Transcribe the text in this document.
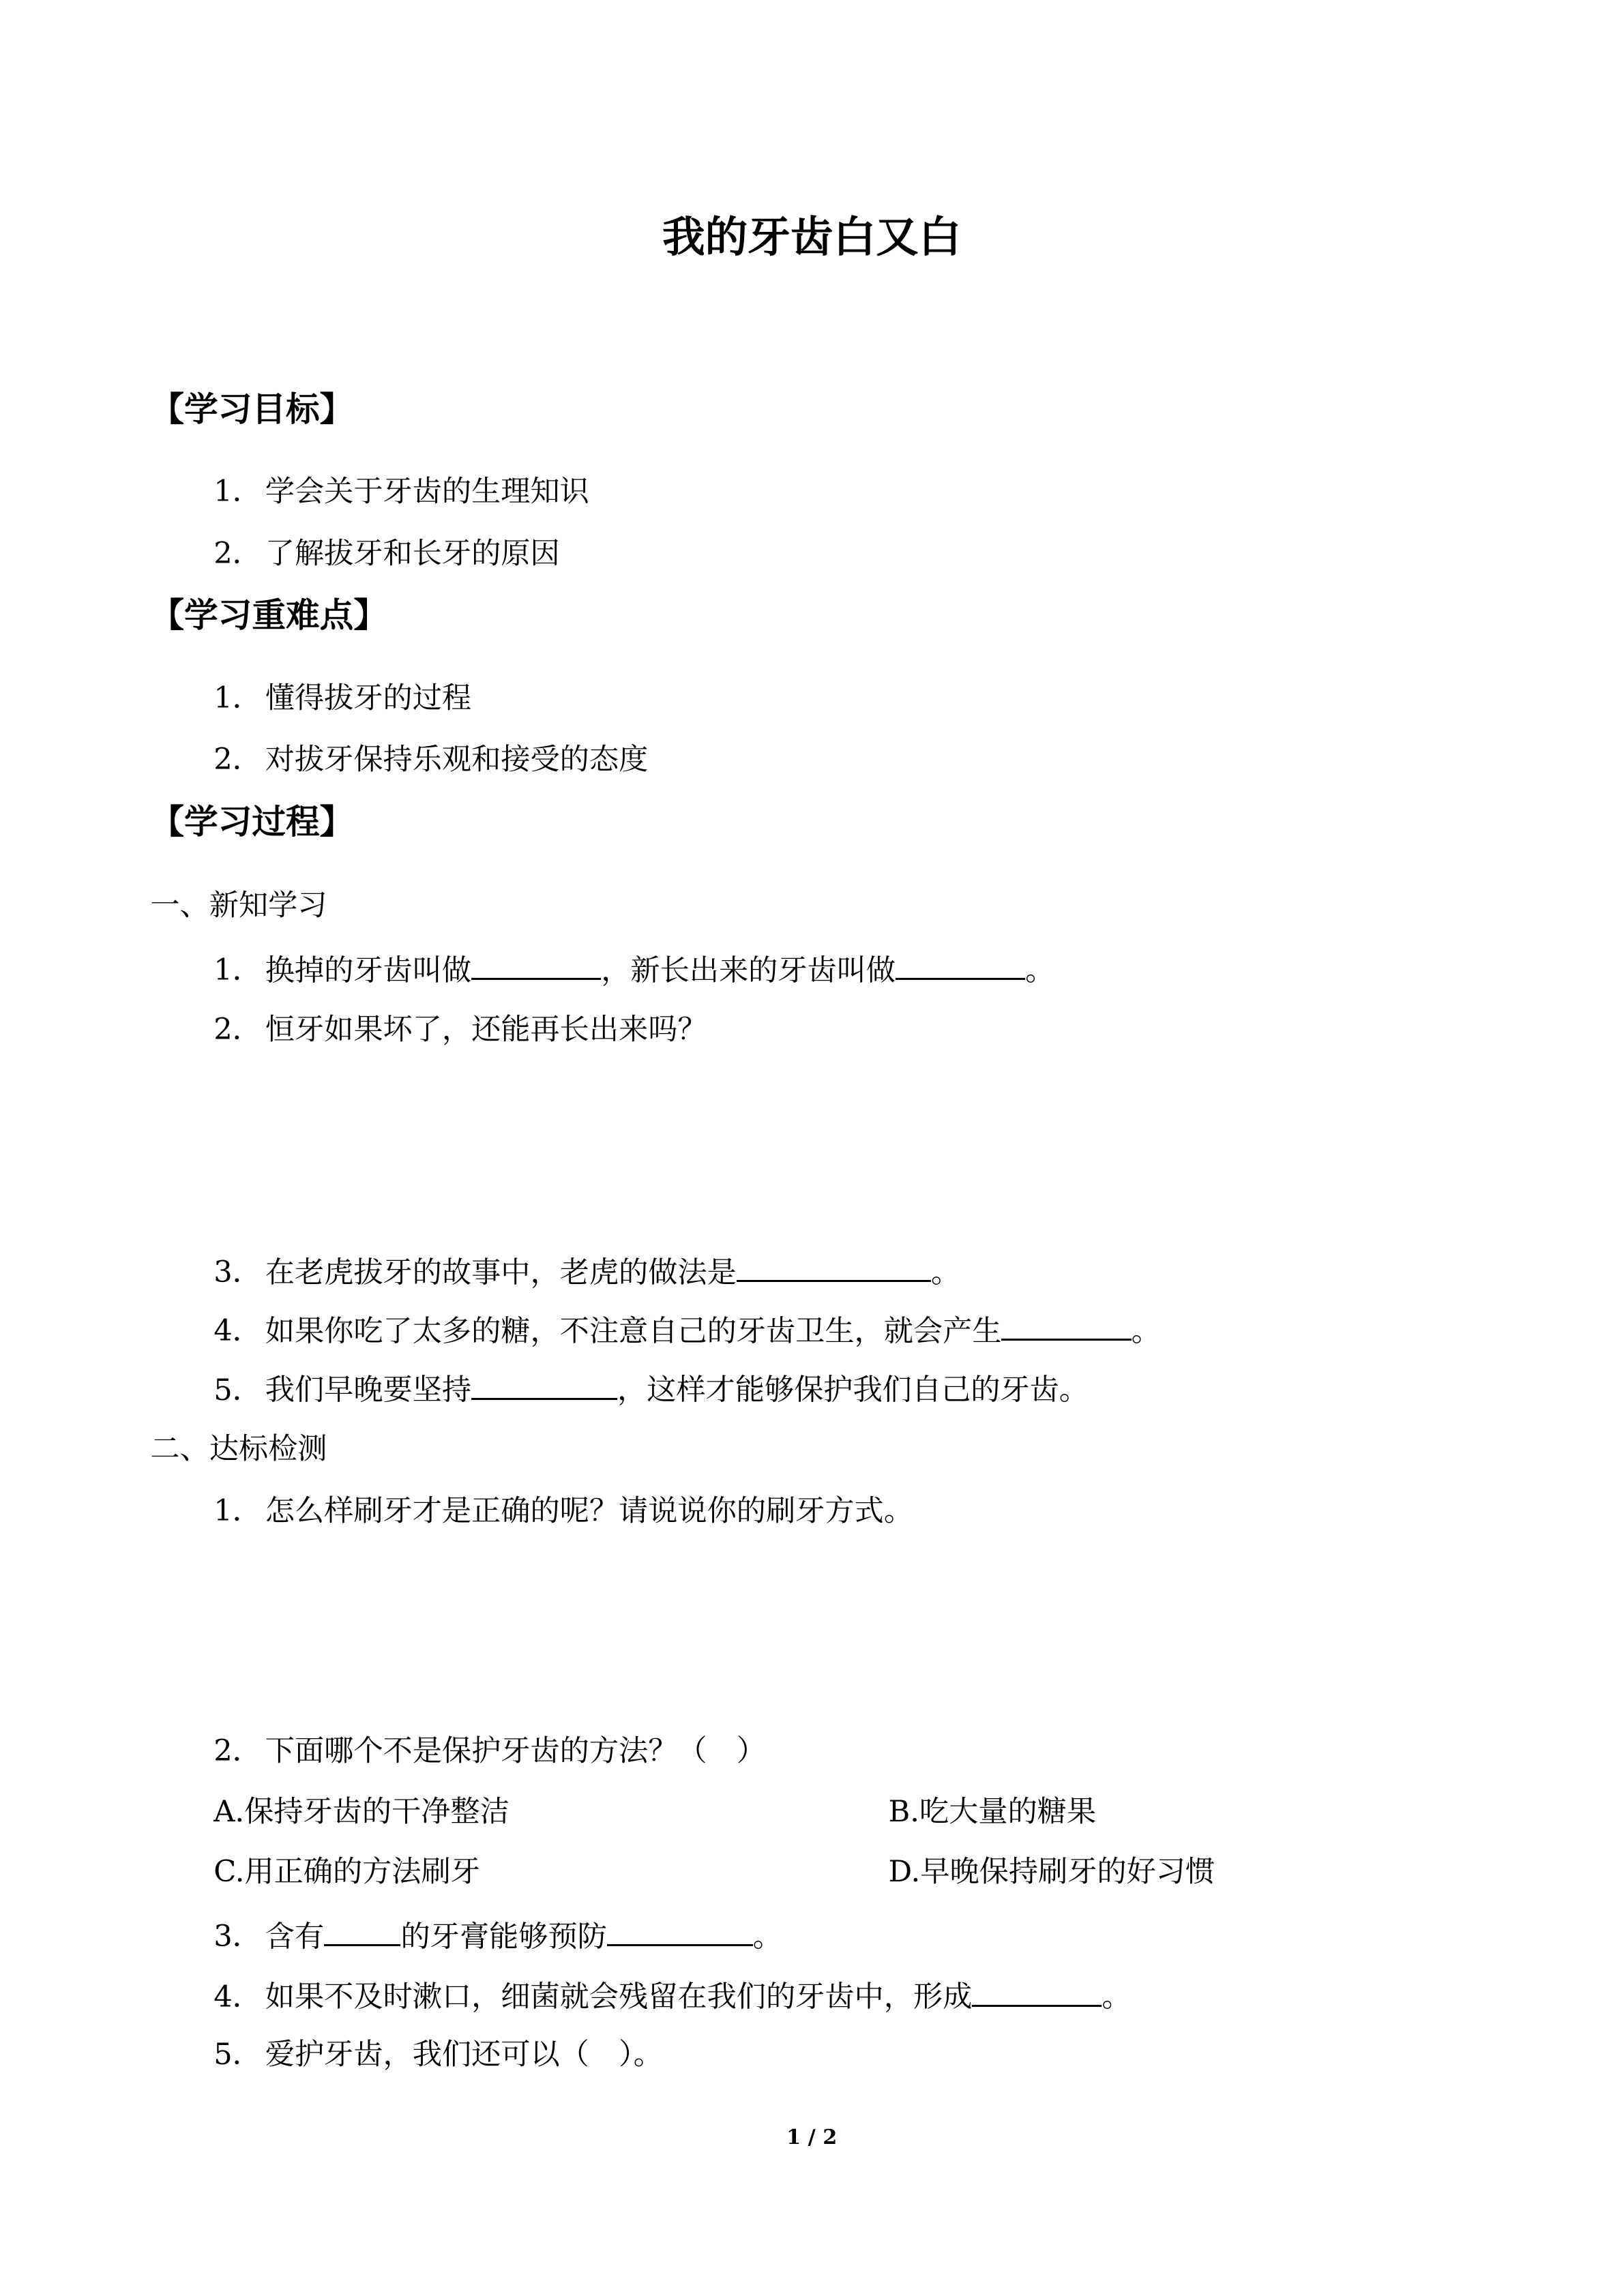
我的牙齿白又白
【学习目标】
1． 学会关于牙齿的生理知识
2． 了解拔牙和长牙的原因
【学习重难点】
1． 懂得拔牙的过程
2． 对拔牙保持乐观和接受的态度
【学习过程】
一、新知学习
1． 换掉的牙齿叫做	，新长出来的牙齿叫做	。
2． 恒牙如果坏了，还能再长出来吗？
3． 在老虎拔牙的故事中，老虎的做法是	。
4． 如果你吃了太多的糖，不注意自己的牙齿卫生，就会产生	。
5． 我们早晚要坚持	，这样才能够保护我们自己的牙齿。
二、达标检测
1． 怎么样刷牙才是正确的呢？请说说你的刷牙方式。
2． 下面哪个不是保护牙齿的方法？（　）
A.保持牙齿的干净整洁	B.吃大量的糖果
C.用正确的方法刷牙	D.早晚保持刷牙的好习惯
3． 含有	的牙膏能够预防	。
4． 如果不及时漱口，细菌就会残留在我们的牙齿中，形成	。
5． 爱护牙齿，我们还可以（　）。
1 / 2
